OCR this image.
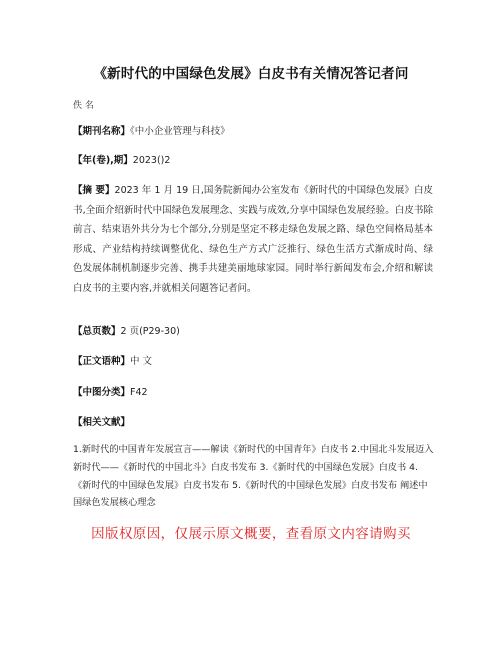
《新时代的中国绿色发展》白皮书有关情况答记者问
佚 名
【期刊名称】《中小企业管理与科技》
【年(卷),期】2023()2
【摘 要】2023 年 1 月 19 日,国务院新闻办公室发布《新时代的中国绿色发展》白皮书,全面介绍新时代中国绿色发展理念、实践与成效,分享中国绿色发展经验。白皮书除前言、结束语外共分为七个部分,分别是坚定不移走绿色发展之路、绿色空间格局基本形成、产业结构持续调整优化、绿色生产方式广泛推行、绿色生活方式渐成时尚、绿色发展体制机制逐步完善、携手共建美丽地球家园。同时举行新闻发布会,介绍和解读白皮书的主要内容,并就相关问题答记者问。
【总页数】2 页(P29-30)
【正文语种】中 文
【中图分类】F42
【相关文献】
1.新时代的中国青年发展宣言——解读《新时代的中国青年》白皮书 2.中国北斗发展迈入新时代——《新时代的中国北斗》白皮书发布 3.《新时代的中国绿色发展》白皮书 4.《新时代的中国绿色发展》白皮书发布 5.《新时代的中国绿色发展》白皮书发布 阐述中国绿色发展核心理念
因版权原因，仅展示原文概要，查看原文内容请购买
